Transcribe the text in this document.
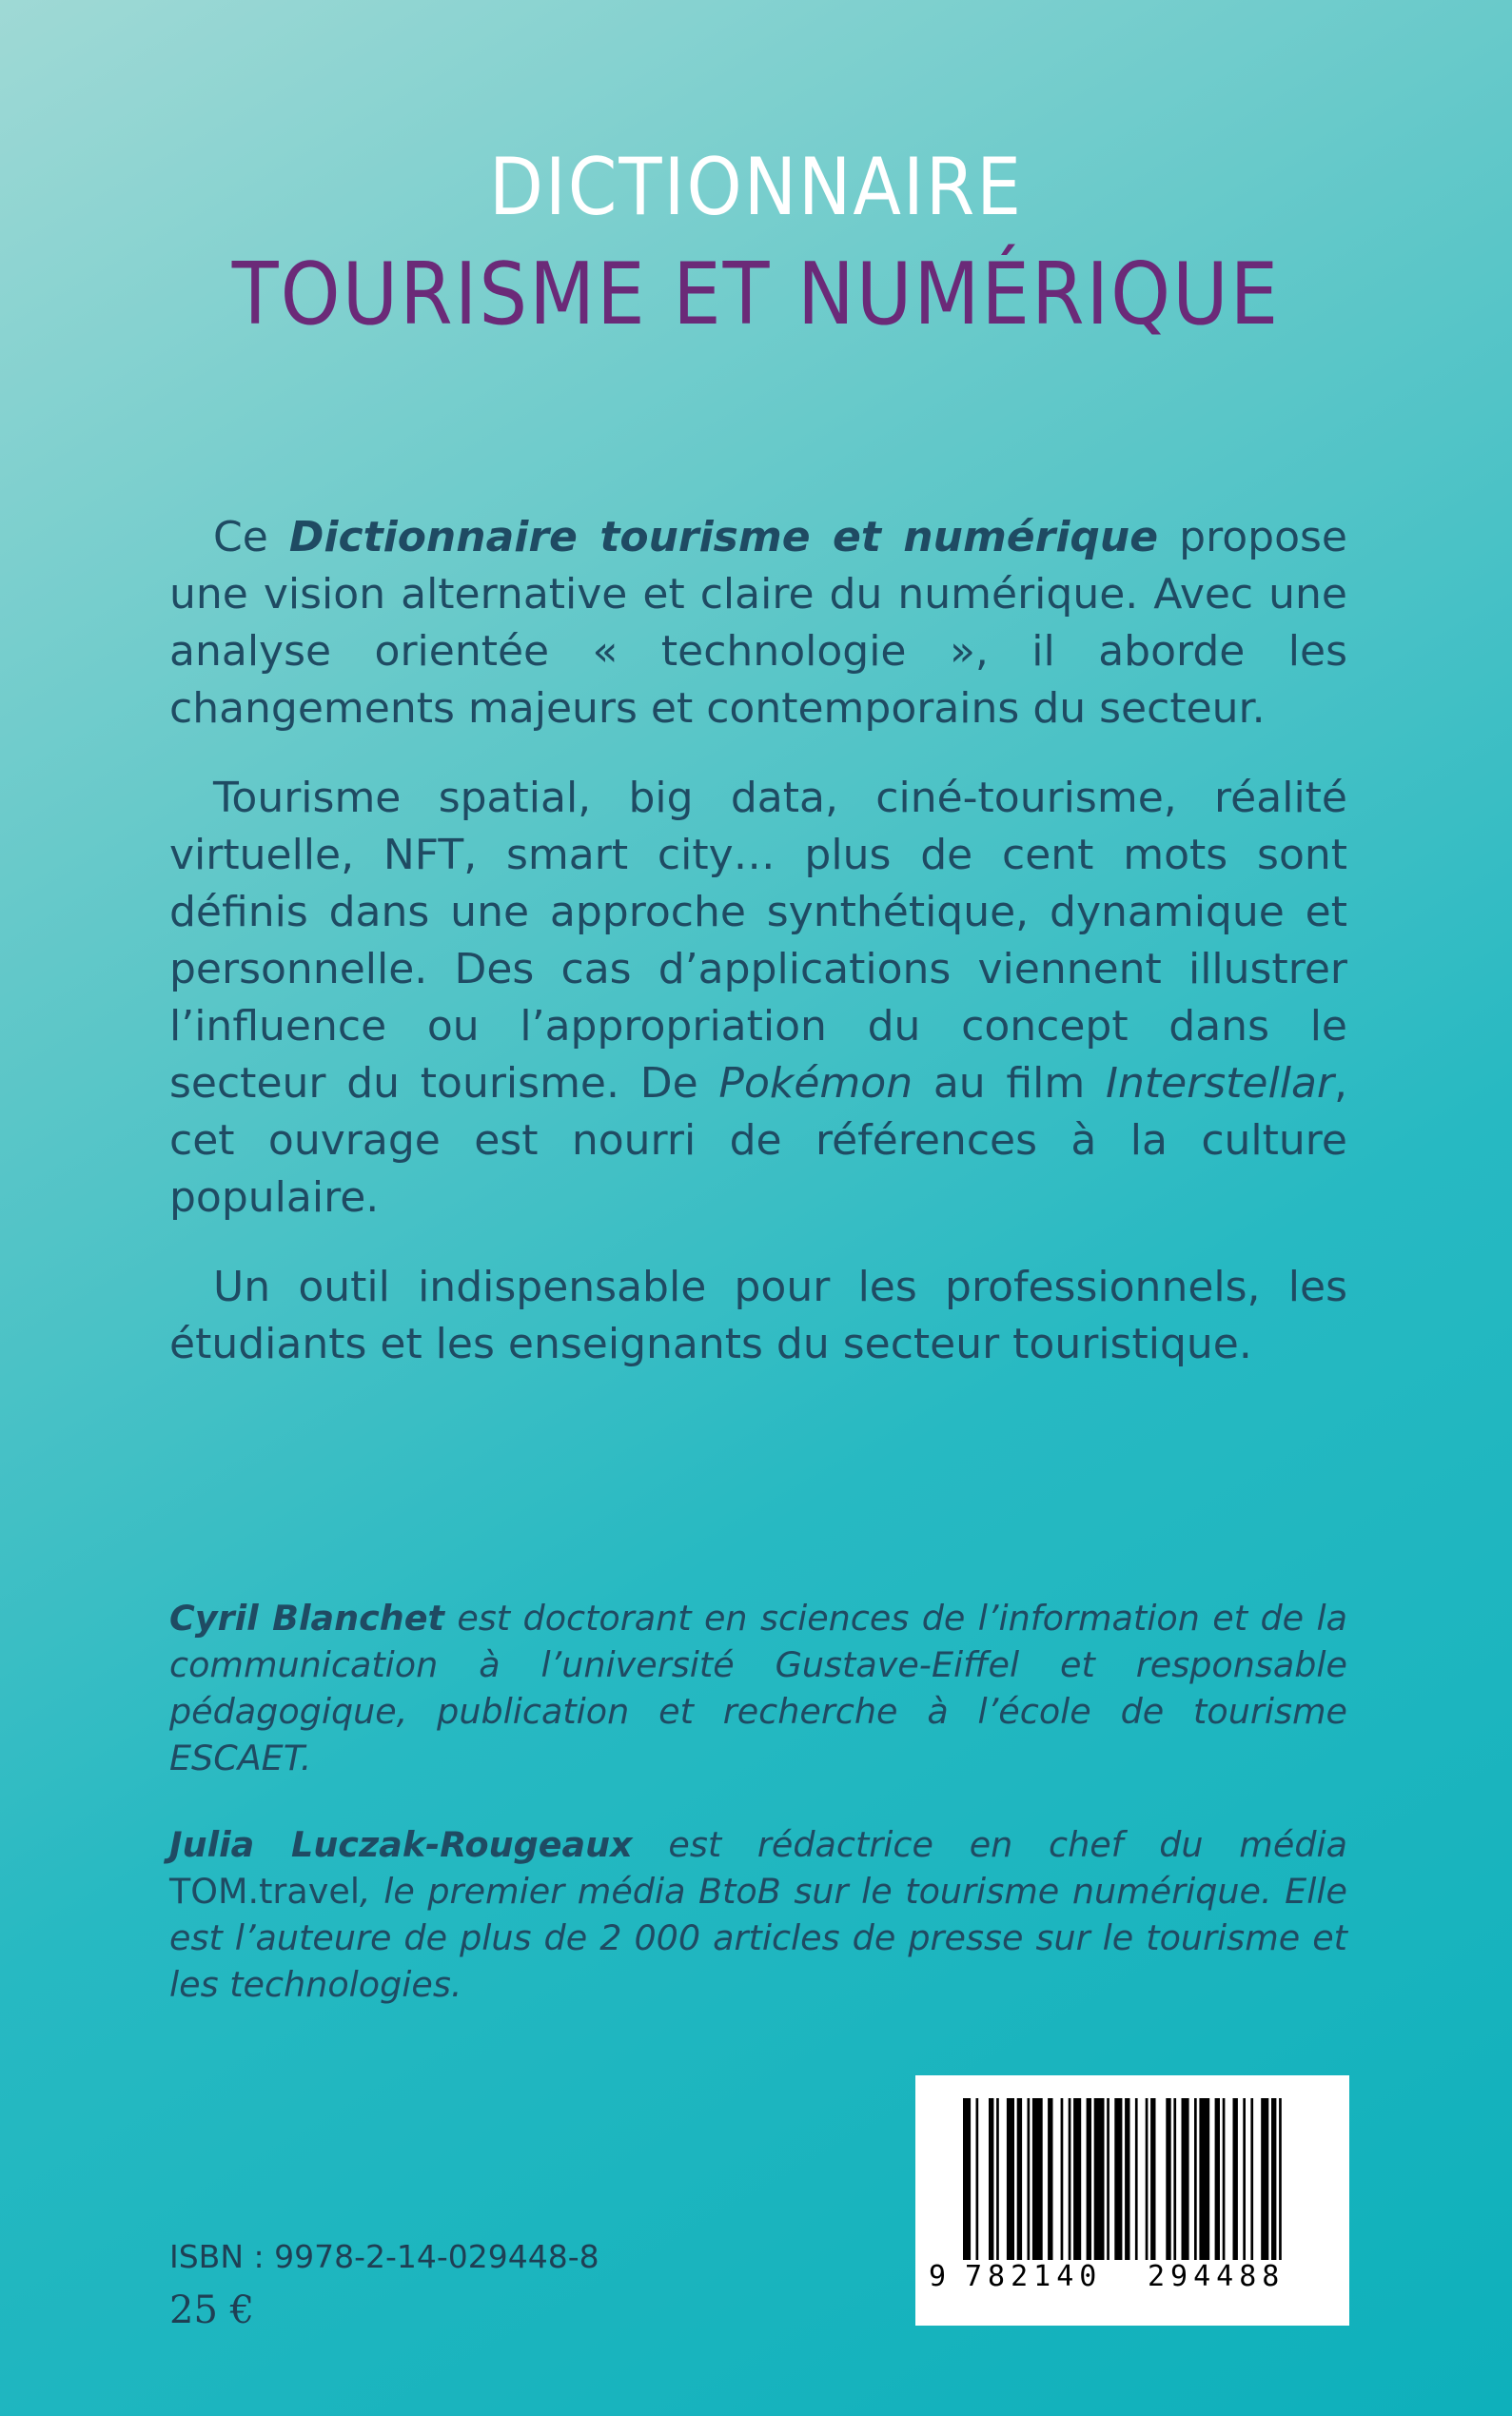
DICTIONNAIRE
TOURISME ET NUMÉRIQUE

Ce Dictionnaire tourisme et numérique propose une vision alternative et claire du numérique. Avec une analyse orientée « technologie », il aborde les changements majeurs et contemporains du secteur.

Tourisme spatial, big data, ciné-tourisme, réalité virtuelle, NFT, smart city… plus de cent mots sont définis dans une approche synthétique, dynamique et personnelle. Des cas d’applications viennent illustrer l’influence ou l’appropriation du concept dans le secteur du tourisme. De Pokémon au film Interstellar, cet ouvrage est nourri de références à la culture populaire.

Un outil indispensable pour les professionnels, les étudiants et les enseignants du secteur touristique.

Cyril Blanchet est doctorant en sciences de l’information et de la communication à l’université Gustave-Eiffel et responsable pédagogique, publication et recherche à l’école de tourisme ESCAET.

Julia Luczak-Rougeaux est rédactrice en chef du média TOM.travel, le premier média BtoB sur le tourisme numérique. Elle est l’auteure de plus de 2 000 articles de presse sur le tourisme et les technologies.

9 782140 294488
ISBN : 9978-2-14-029448-8
25 €
